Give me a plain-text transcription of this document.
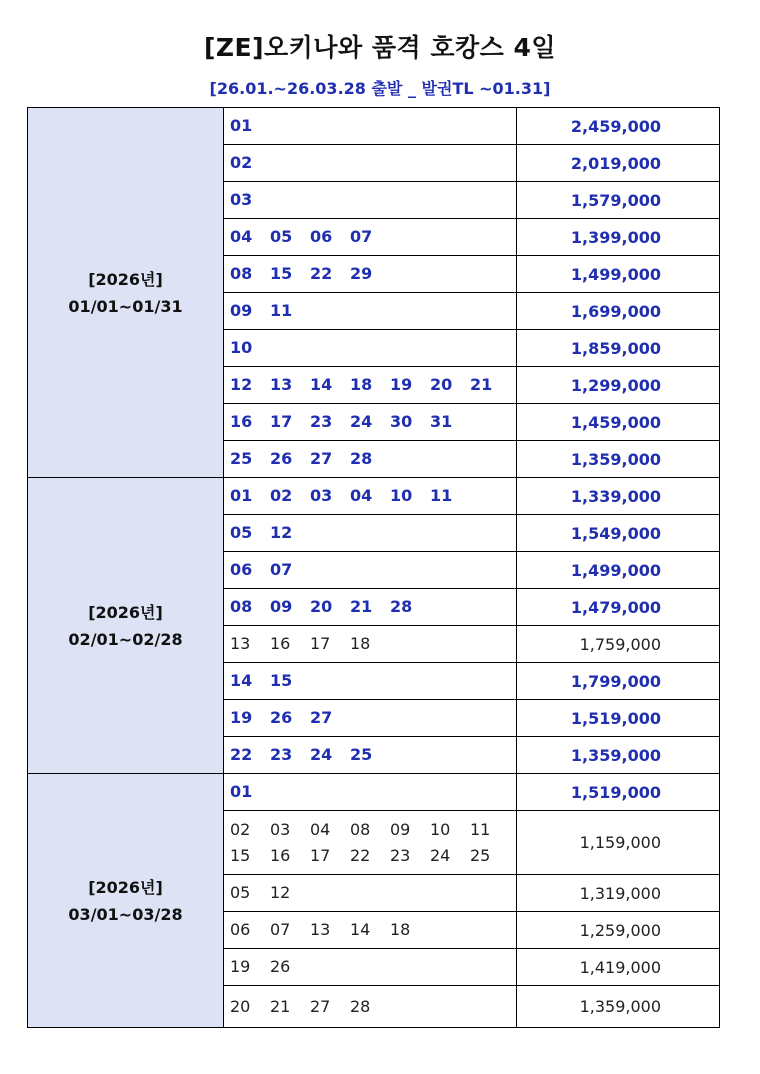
[ZE]오키나와 품격 호캉스 4일
[26.01.~26.03.28 출발 _ 발권TL ~01.31]
[2026년]
01/01~01/31	01	2,459,000

	02	2,019,000

	03	1,579,000

	04 05 06 07	1,399,000

	08 15 22 29	1,499,000

	09 11	1,699,000

	10	1,859,000

	12 13 14 18 19 20 21	1,299,000

	16 17 23 24 30 31	1,459,000

	25 26 27 28	1,359,000

[2026년]
02/01~02/28	01 02 03 04 10 11	1,339,000

	05 12	1,549,000

	06 07	1,499,000

	08 09 20 21 28	1,479,000

	13 16 17 18	1,759,000

	14 15	1,799,000

	19 26 27	1,519,000

	22 23 24 25	1,359,000

[2026년]
03/01~03/28	01	1,519,000

	02 03 04 08 09 10 11
15 16 17 22 23 24 25	1,159,000

	05 12	1,319,000

	06 07 13 14 18	1,259,000

	19 26	1,419,000

	20 21 27 28	1,359,000
